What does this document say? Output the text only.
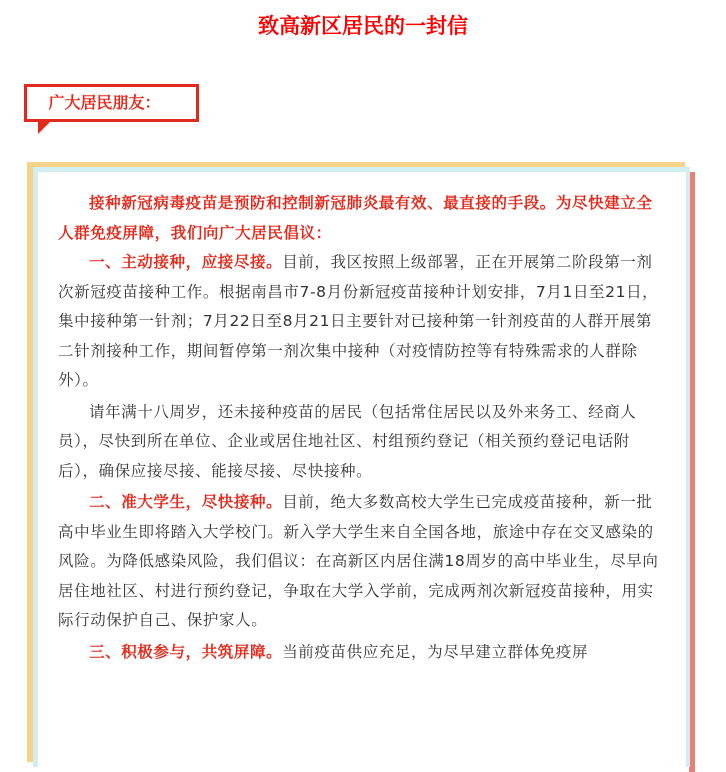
致高新区居民的一封信
广大居民朋友：

接种新冠病毒疫苗是预防和控制新冠肺炎最有效、最直接的手段。为尽快建立全人群免疫屏障，我们向广大居民倡议：

一、主动接种，应接尽接。目前，我区按照上级部署，正在开展第二阶段第一剂次新冠疫苗接种工作。根据南昌市7-8月份新冠疫苗接种计划安排，7月1日至21日，集中接种第一针剂；7月22日至8月21日主要针对已接种第一针剂疫苗的人群开展第二针剂接种工作，期间暂停第一剂次集中接种（对疫情防控等有特殊需求的人群除外）。

请年满十八周岁，还未接种疫苗的居民（包括常住居民以及外来务工、经商人员），尽快到所在单位、企业或居住地社区、村组预约登记（相关预约登记电话附后），确保应接尽接、能接尽接、尽快接种。

二、准大学生，尽快接种。目前，绝大多数高校大学生已完成疫苗接种，新一批高中毕业生即将踏入大学校门。新入学大学生来自全国各地，旅途中存在交叉感染的风险。为降低感染风险，我们倡议：在高新区内居住满18周岁的高中毕业生，尽早向居住地社区、村进行预约登记，争取在大学入学前，完成两剂次新冠疫苗接种，用实际行动保护自己、保护家人。

三、积极参与，共筑屏障。当前疫苗供应充足，为尽早建立群体免疫屏
